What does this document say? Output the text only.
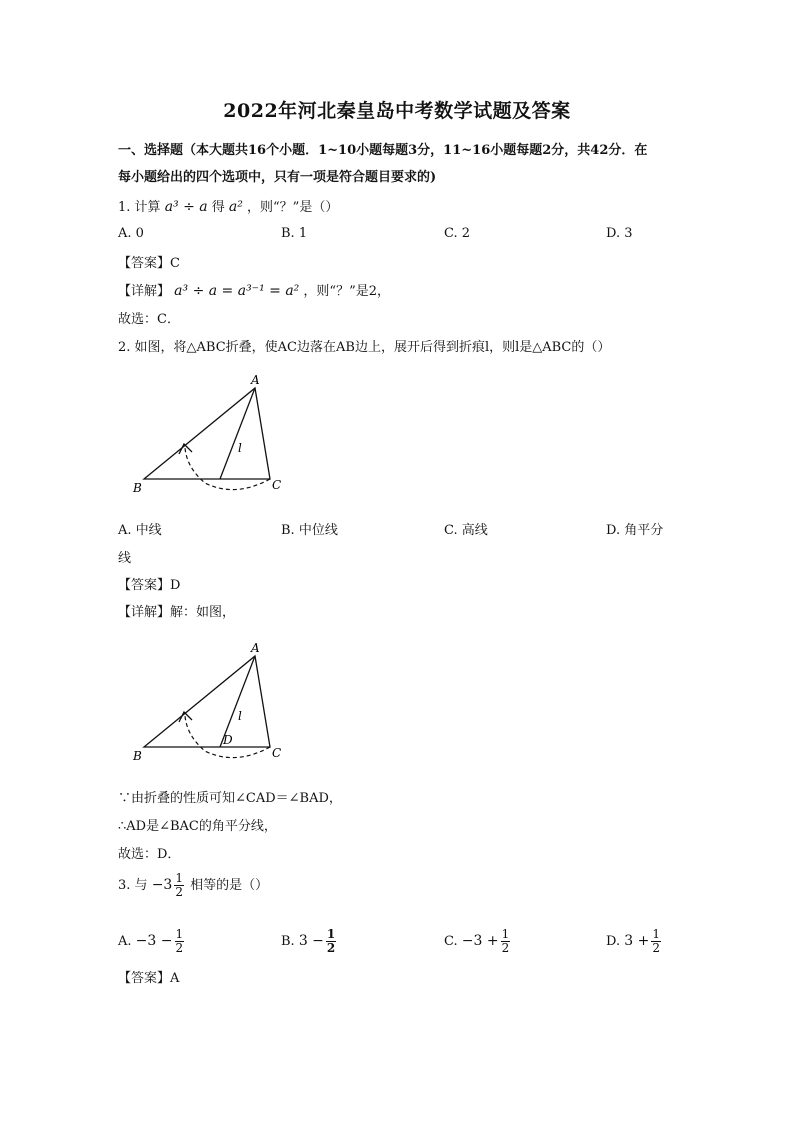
2022年河北秦皇岛中考数学试题及答案
一、选择题（本大题共16个小题．1~10小题每题3分，11~16小题每题2分，共42分．在
每小题给出的四个选项中，只有一项是符合题目要求的)
1. 计算 a³ ÷ a 得 a² ，则“？”是（）
A. 0	B. 1	C. 2	D. 3
【答案】C
【详解】 a³ ÷ a = a³⁻¹ = a² ，则“？”是2，
故选：C．
2. 如图，将△ABC折叠，使AC边落在AB边上，展开后得到折痕l，则l是△ABC的（）
A
B	C
l
A. 中线	B. 中位线	C. 高线	D. 角平分
线
【答案】D
【详解】解：如图，
A
B	C
l
D
∵由折叠的性质可知∠CAD＝∠BAD，
∴AD是∠BAC的角平分线，
故选：D．
3. 与 $-3 \frac{1}{2}$ 相等的是（）
A. $-3 - \frac{1}{2}$	B. $3 - \frac{1}{2}$	C. $-3 + \frac{1}{2}$	D. $3 + \frac{1}{2}$
【答案】A
